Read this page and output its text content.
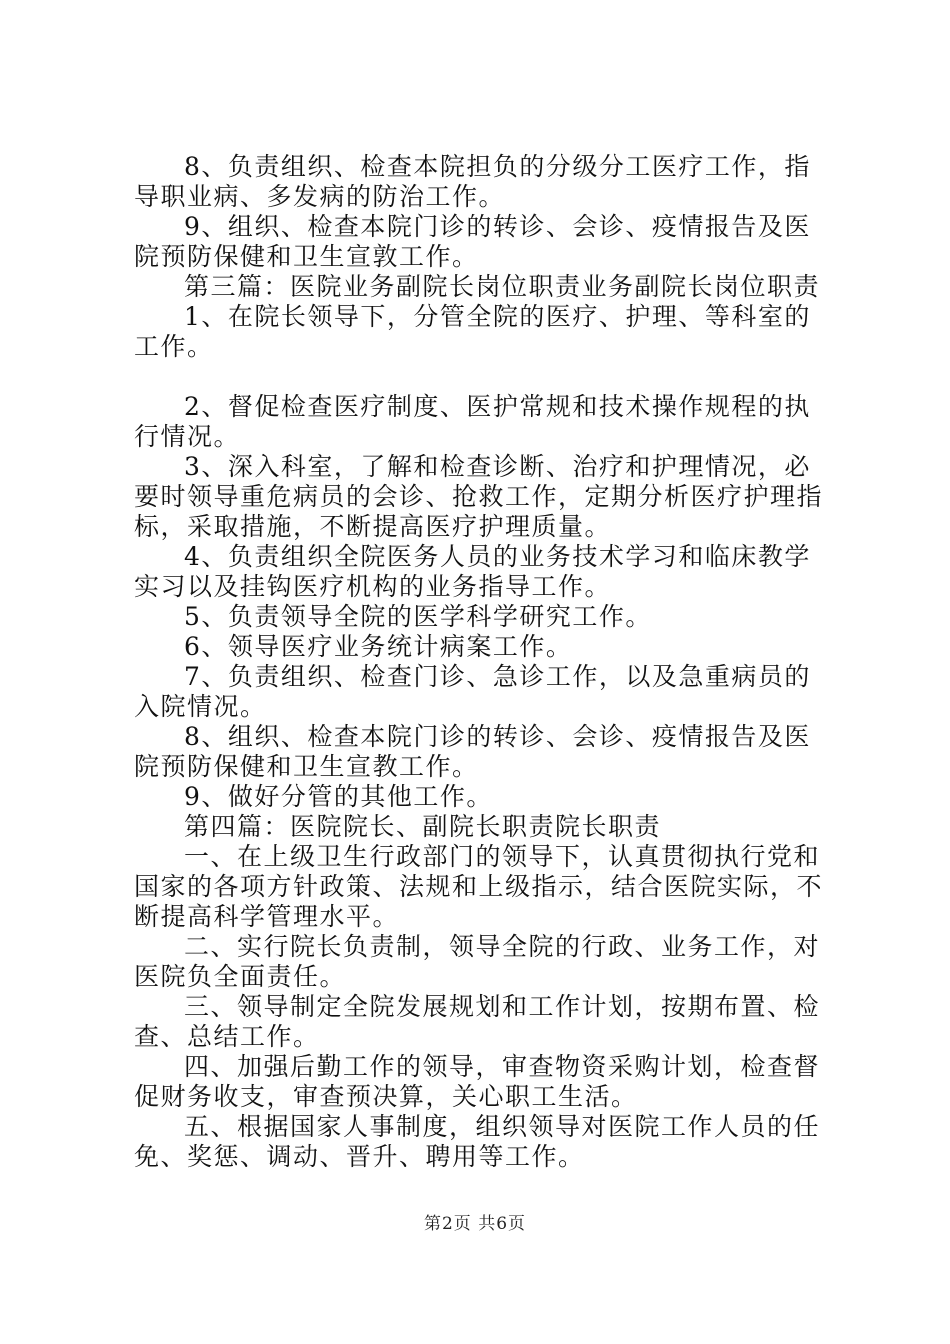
8、负责组织、检查本院担负的分级分工医疗工作，指导职业病、多发病的防治工作。

9、组织、检查本院门诊的转诊、会诊、疫情报告及医院预防保健和卫生宣敦工作。

第三篇：医院业务副院长岗位职责业务副院长岗位职责

1、在院长领导下，分管全院的医疗、护理、等科室的工作。

2、督促检查医疗制度、医护常规和技术操作规程的执行情况。

3、深入科室，了解和检查诊断、治疗和护理情况，必要时领导重危病员的会诊、抢救工作，定期分析医疗护理指标，采取措施，不断提高医疗护理质量。

4、负责组织全院医务人员的业务技术学习和临床教学实习以及挂钩医疗机构的业务指导工作。

5、负责领导全院的医学科学研究工作。

6、领导医疗业务统计病案工作。

7、负责组织、检查门诊、急诊工作，以及急重病员的入院情况。

8、组织、检查本院门诊的转诊、会诊、疫情报告及医院预防保健和卫生宣教工作。

9、做好分管的其他工作。

第四篇：医院院长、副院长职责院长职责

一、在上级卫生行政部门的领导下，认真贯彻执行党和国家的各项方针政策、法规和上级指示，结合医院实际，不断提高科学管理水平。

二、实行院长负责制，领导全院的行政、业务工作，对医院负全面责任。

三、领导制定全院发展规划和工作计划，按期布置、检查、总结工作。

四、加强后勤工作的领导，审查物资采购计划，检查督促财务收支，审查预决算，关心职工生活。

五、根据国家人事制度，组织领导对医院工作人员的任免、奖惩、调动、晋升、聘用等工作。

第2页 共6页
